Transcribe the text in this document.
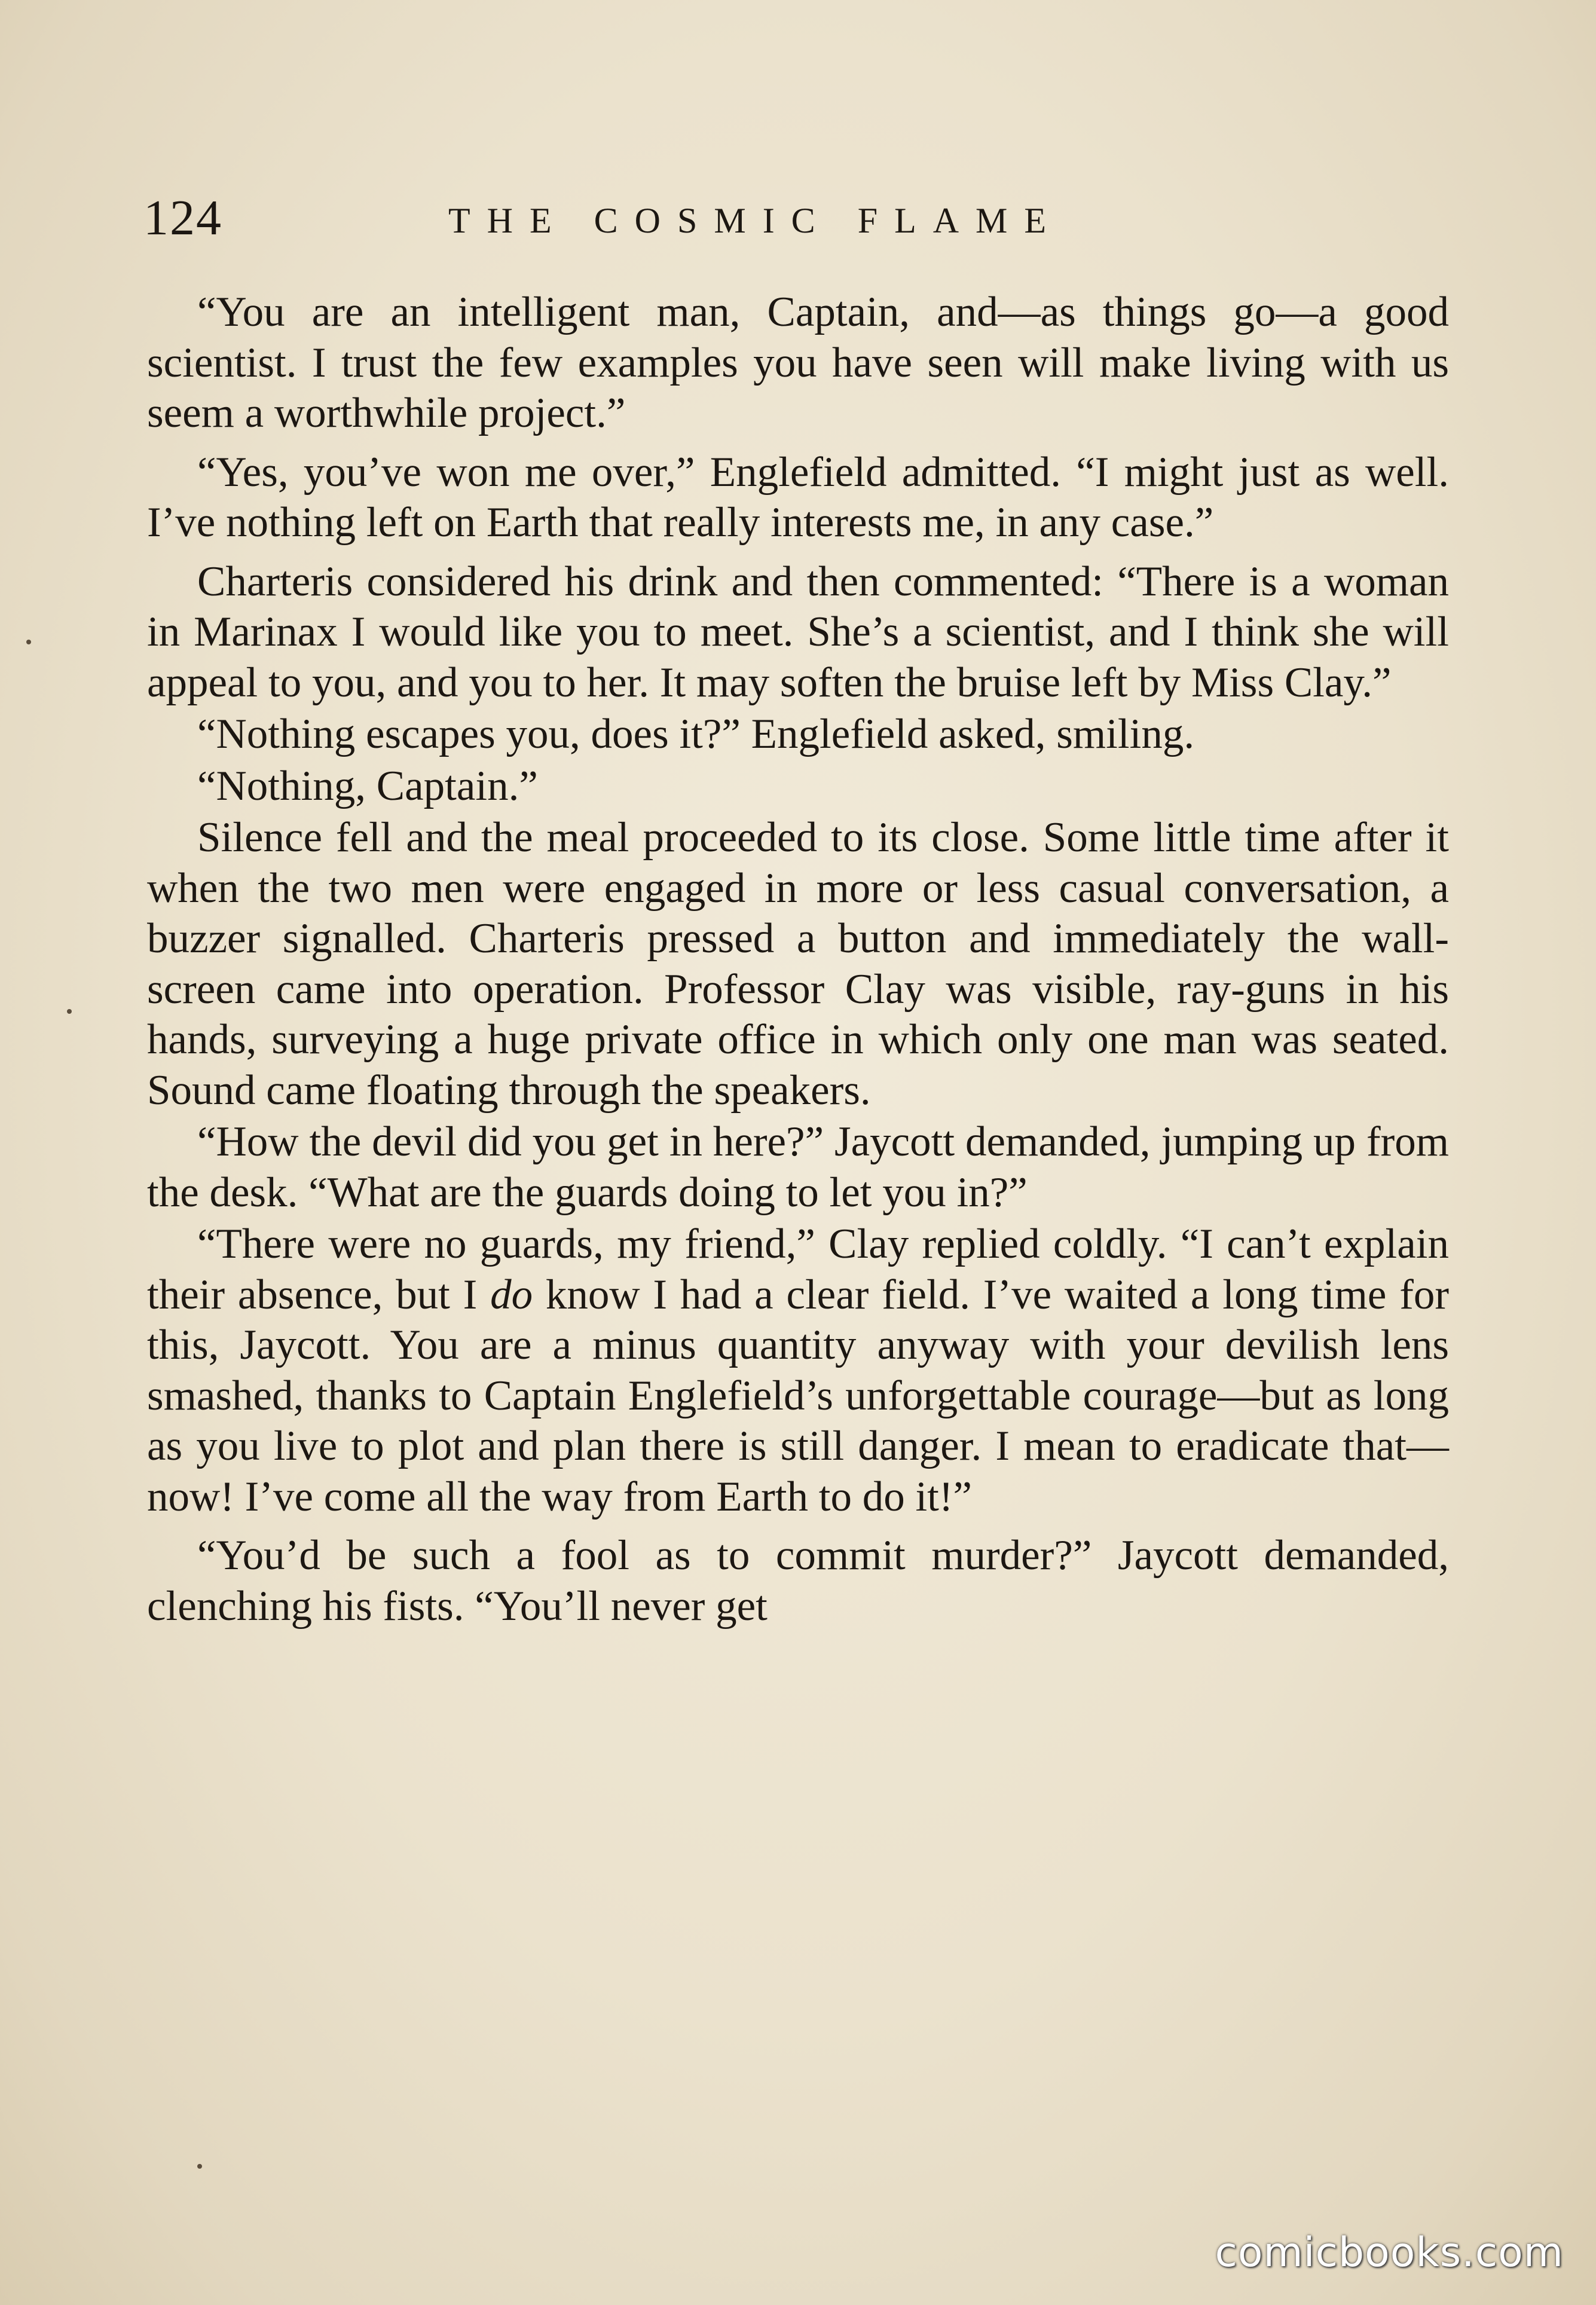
124	THE COSMIC FLAME

“You are an intelligent man, Captain, and—as things go—a good scientist. I trust the few examples you have seen will make living with us seem a worthwhile project.”

“Yes, you’ve won me over,” Englefield admitted. “I might just as well. I’ve nothing left on Earth that really interests me, in any case.”

Charteris considered his drink and then commented: “There is a woman in Marinax I would like you to meet. She’s a scientist, and I think she will appeal to you, and you to her. It may soften the bruise left by Miss Clay.”

“Nothing escapes you, does it?” Englefield asked, smiling.

“Nothing, Captain.”

Silence fell and the meal proceeded to its close. Some little time after it when the two men were engaged in more or less casual conversation, a buzzer signalled. Charteris pressed a button and immediately the wall-screen came into operation. Professor Clay was visible, ray-guns in his hands, surveying a huge private office in which only one man was seated. Sound came floating through the speakers.

“How the devil did you get in here?” Jaycott demanded, jumping up from the desk. “What are the guards doing to let you in?”

“There were no guards, my friend,” Clay replied coldly. “I can’t explain their absence, but I do know I had a clear field. I’ve waited a long time for this, Jaycott. You are a minus quantity anyway with your devilish lens smashed, thanks to Captain Englefield’s unforgettable courage—but as long as you live to plot and plan there is still danger. I mean to eradicate that—now! I’ve come all the way from Earth to do it!”

“You’d be such a fool as to commit murder?” Jaycott demanded, clenching his fists. “You’ll never get

comicbooks.com
